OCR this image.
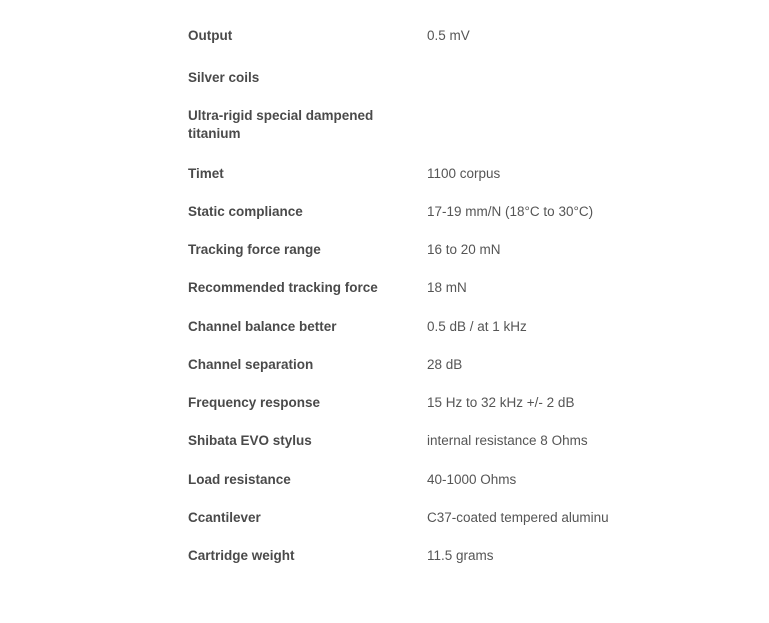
Output	0.5 mV
Silver coils
Ultra-rigid special dampened titanium
Timet	1100 corpus
Static compliance	17-19 mm/N (18°C to 30°C)
Tracking force range	16 to 20 mN
Recommended tracking force	18 mN
Channel balance better	0.5 dB / at 1 kHz
Channel separation	28 dB
Frequency response	15 Hz to 32 kHz +/- 2 dB
Shibata EVO stylus	internal resistance 8 Ohms
Load resistance	40-1000 Ohms
Ccantilever	C37-coated tempered aluminu
Cartridge weight	11.5 grams
